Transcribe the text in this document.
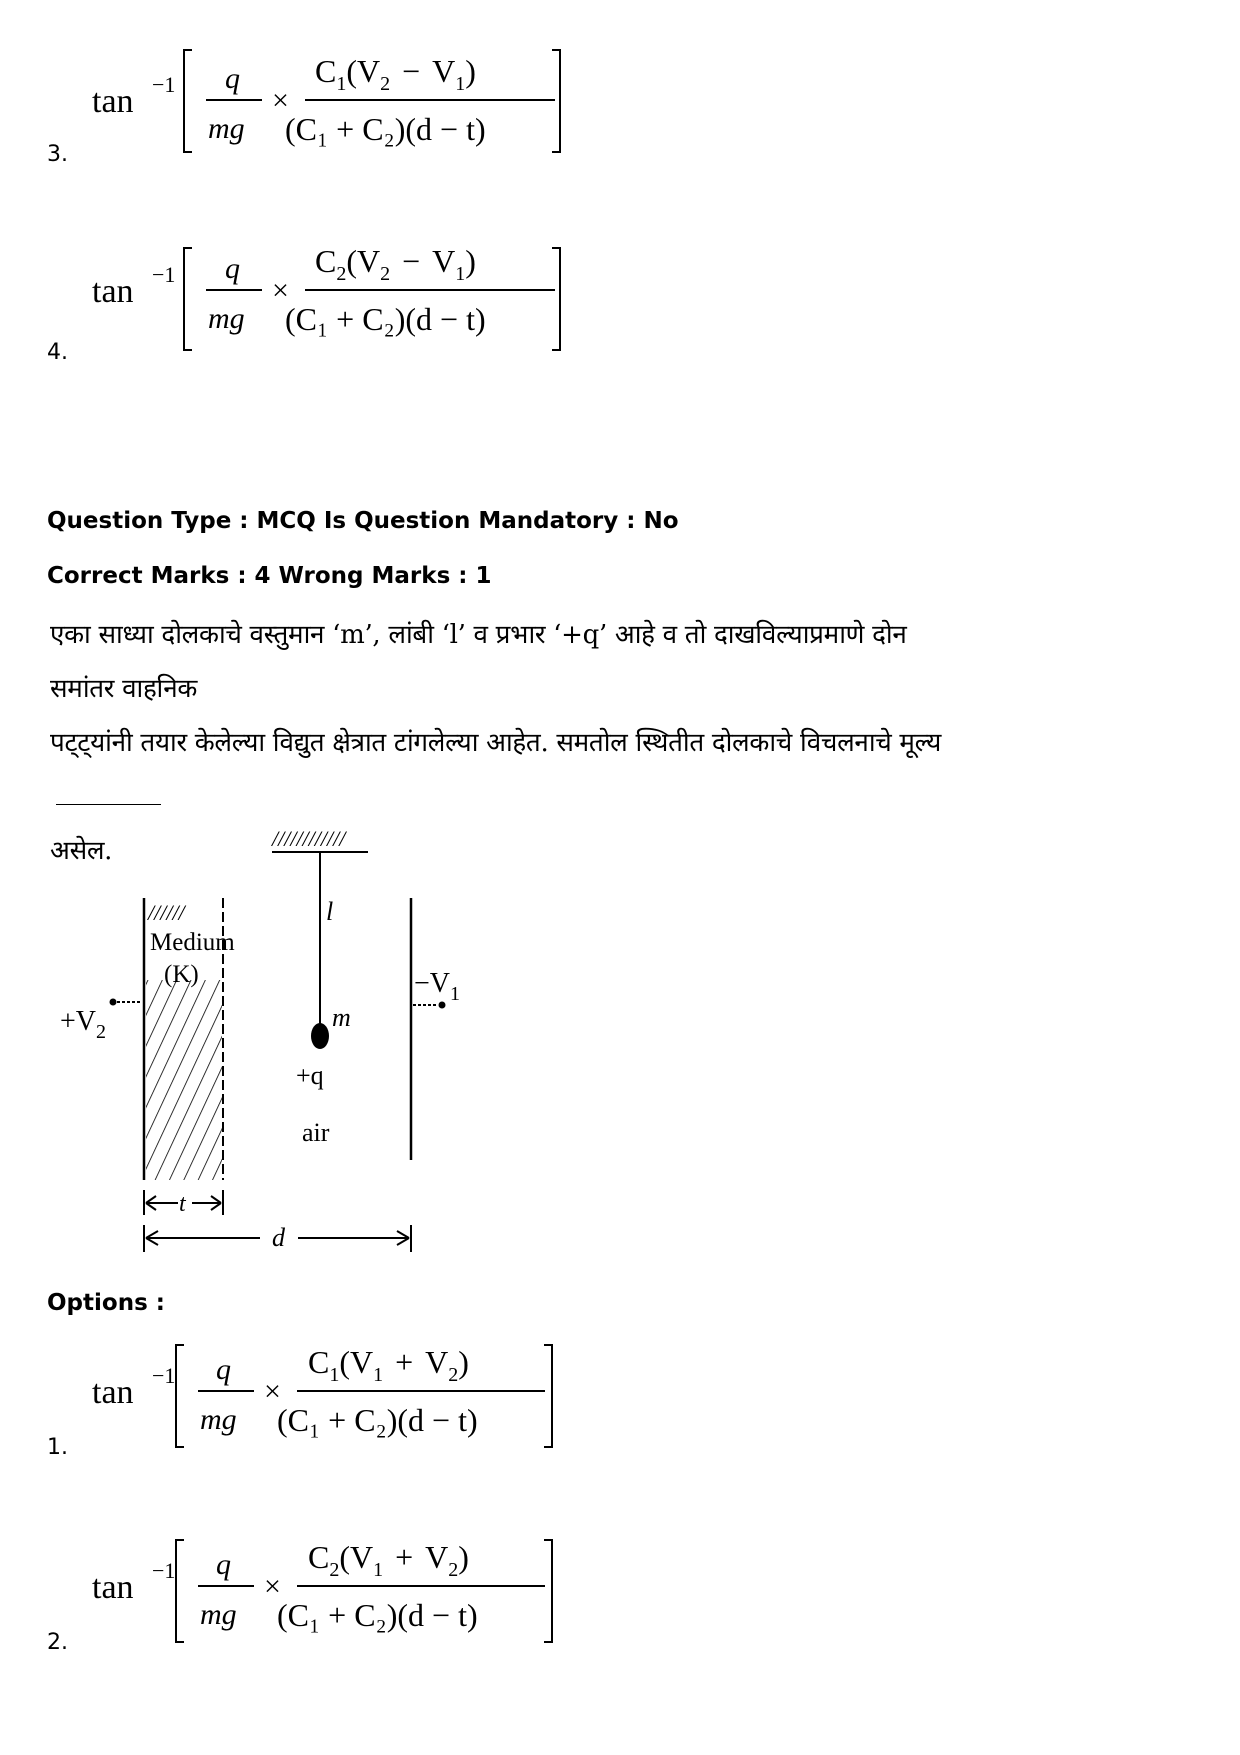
tan −1 q
mg
×
$C_1(V_2 - V_1)$
(C₁ + C₂)(d − t)
3.
tan −1 q
mg
×
$C_2(V_2 - V_1)$
(C₁ + C₂)(d − t)
4.
Question Type : MCQ Is Question Mandatory : No
Correct Marks : 4 Wrong Marks : 1
एका साध्या दोलकाचे वस्तुमान ‘m’, लांबी ‘l’ व प्रभार ‘+q’ आहे व तो दाखविल्याप्रमाणे दोन समांतर वाहनिक
पट्ट्यांनी तयार केलेल्या विद्युत क्षेत्रात टांगलेल्या आहेत. समतोल स्थितीत दोलकाचे विचलनाचे मूल्य
असेल.	////////////
l
m
+q
air
//////
Medium
(K)
$+V_2$
$-V_1$
t
d
Options :
tan −1 q
mg
×
$C_1(V_1 + V_2)$
(C₁ + C₂)(d − t)
1.
tan −1 q
mg
×
$C_2(V_1 + V_2)$
(C₁ + C₂)(d − t)
2.
